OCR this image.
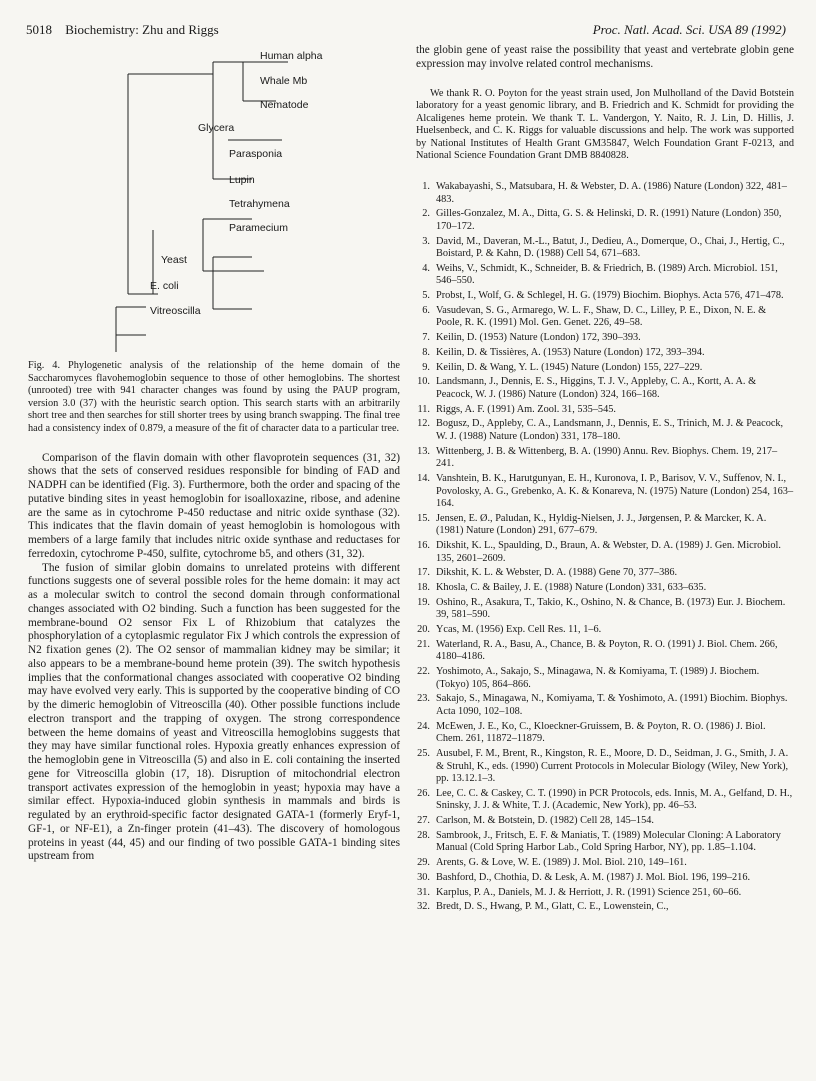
5018 Biochemistry: Zhu and Riggs	Proc. Natl. Acad. Sci. USA 89 (1992)
Human alpha
Whale Mb
Nematode
Glycera
Parasponia
Lupin
Tetrahymena
Paramecium
Yeast
E. coli
Vitreoscilla
Fig. 4. Phylogenetic analysis of the relationship of the heme domain of the Saccharomyces flavohemoglobin sequence to those of other hemoglobins. The shortest (unrooted) tree with 941 character changes was found by using the PAUP program, version 3.0 (37) with the heuristic search option. This search starts with an arbitrarily short tree and then searches for still shorter trees by using branch swapping. The final tree had a consistency index of 0.879, a measure of the fit of character data to a particular tree.

Comparison of the flavin domain with other flavoprotein sequences (31, 32) shows that the sets of conserved residues responsible for binding of FAD and NADPH can be identified (Fig. 3). Furthermore, both the order and spacing of the putative binding sites in yeast hemoglobin for isoalloxazine, ribose, and adenine are the same as in cytochrome P-450 reductase and nitric oxide synthase (32). This indicates that the flavin domain of yeast hemoglobin is homologous with members of a large family that includes nitric oxide synthase and reductases for ferredoxin, cytochrome P-450, sulfite, cytochrome b5, and others (31, 32).

The fusion of similar globin domains to unrelated proteins with different functions suggests one of several possible roles for the heme domain: it may act as a molecular switch to control the second domain through conformational changes associated with O2 binding. Such a function has been suggested for the membrane-bound O2 sensor Fix L of Rhizobium that catalyzes the phosphorylation of a cytoplasmic regulator Fix J which controls the expression of N2 fixation genes (2). The O2 sensor of mammalian kidney may be similar; it also appears to be a membrane-bound heme protein (39). The switch hypothesis implies that the conformational changes associated with cooperative O2 binding may have evolved very early. This is supported by the cooperative binding of CO by the dimeric hemoglobin of Vitreoscilla (40). Other possible functions include electron transport and the trapping of oxygen. The strong correspondence between the heme domains of yeast and Vitreoscilla hemoglobins suggests that they may have similar functional roles. Hypoxia greatly enhances expression of the hemoglobin gene in Vitreoscilla (5) and also in E. coli containing the inserted gene for Vitreoscilla globin (17, 18). Disruption of mitochondrial electron transport activates expression of the hemoglobin in yeast; hypoxia may have a similar effect. Hypoxia-induced globin synthesis in mammals and birds is regulated by an erythroid-specific factor designated GATA-1 (formerly Eryf-1, GF-1, or NF-E1), a Zn-finger protein (41–43). The discovery of homologous proteins in yeast (44, 45) and our finding of two possible GATA-1 binding sites upstream from

the globin gene of yeast raise the possibility that yeast and vertebrate globin gene expression may involve related control mechanisms.

We thank R. O. Poyton for the yeast strain used, Jon Mulholland of the David Botstein laboratory for a yeast genomic library, and B. Friedrich and K. Schmidt for providing the Alcaligenes heme protein. We thank T. L. Vandergon, Y. Naito, R. J. Lin, D. Hillis, J. Huelsenbeck, and C. K. Riggs for valuable discussions and help. The work was supported by National Institutes of Health Grant GM35847, Welch Foundation Grant F-0213, and National Science Foundation Grant DMB 8840828.
1. Wakabayashi, S., Matsubara, H. & Webster, D. A. (1986) Nature (London) 322, 481–483.
2. Gilles-Gonzalez, M. A., Ditta, G. S. & Helinski, D. R. (1991) Nature (London) 350, 170–172.
3. David, M., Daveran, M.-L., Batut, J., Dedieu, A., Domerque, O., Chai, J., Hertig, C., Boistard, P. & Kahn, D. (1988) Cell 54, 671–683.
4. Weihs, V., Schmidt, K., Schneider, B. & Friedrich, B. (1989) Arch. Microbiol. 151, 546–550.
5. Probst, I., Wolf, G. & Schlegel, H. G. (1979) Biochim. Biophys. Acta 576, 471–478.
6. Vasudevan, S. G., Armarego, W. L. F., Shaw, D. C., Lilley, P. E., Dixon, N. E. & Poole, R. K. (1991) Mol. Gen. Genet. 226, 49–58.
7. Keilin, D. (1953) Nature (London) 172, 390–393.
8. Keilin, D. & Tissières, A. (1953) Nature (London) 172, 393–394.
9. Keilin, D. & Wang, Y. L. (1945) Nature (London) 155, 227–229.
10. Landsmann, J., Dennis, E. S., Higgins, T. J. V., Appleby, C. A., Kortt, A. A. & Peacock, W. J. (1986) Nature (London) 324, 166–168.
11. Riggs, A. F. (1991) Am. Zool. 31, 535–545.
12. Bogusz, D., Appleby, C. A., Landsmann, J., Dennis, E. S., Trinich, M. J. & Peacock, W. J. (1988) Nature (London) 331, 178–180.
13. Wittenberg, J. B. & Wittenberg, B. A. (1990) Annu. Rev. Biophys. Chem. 19, 217–241.
14. Vanshtein, B. K., Harutgunyan, E. H., Kuronova, I. P., Barisov, V. V., Suffenov, N. I., Povolosky, A. G., Grebenko, A. K. & Konareva, N. (1975) Nature (London) 254, 163–164.
15. Jensen, E. Ø., Paludan, K., Hyldig-Nielsen, J. J., Jørgensen, P. & Marcker, K. A. (1981) Nature (London) 291, 677–679.
16. Dikshit, K. L., Spaulding, D., Braun, A. & Webster, D. A. (1989) J. Gen. Microbiol. 135, 2601–2609.
17. Dikshit, K. L. & Webster, D. A. (1988) Gene 70, 377–386.
18. Khosla, C. & Bailey, J. E. (1988) Nature (London) 331, 633–635.
19. Oshino, R., Asakura, T., Takio, K., Oshino, N. & Chance, B. (1973) Eur. J. Biochem. 39, 581–590.
20. Ycas, M. (1956) Exp. Cell Res. 11, 1–6.
21. Waterland, R. A., Basu, A., Chance, B. & Poyton, R. O. (1991) J. Biol. Chem. 266, 4180–4186.
22. Yoshimoto, A., Sakajo, S., Minagawa, N. & Komiyama, T. (1989) J. Biochem. (Tokyo) 105, 864–866.
23. Sakajo, S., Minagawa, N., Komiyama, T. & Yoshimoto, A. (1991) Biochim. Biophys. Acta 1090, 102–108.
24. McEwen, J. E., Ko, C., Kloeckner-Gruissem, B. & Poyton, R. O. (1986) J. Biol. Chem. 261, 11872–11879.
25. Ausubel, F. M., Brent, R., Kingston, R. E., Moore, D. D., Seidman, J. G., Smith, J. A. & Struhl, K., eds. (1990) Current Protocols in Molecular Biology (Wiley, New York), pp. 13.12.1–3.
26. Lee, C. C. & Caskey, C. T. (1990) in PCR Protocols, eds. Innis, M. A., Gelfand, D. H., Sninsky, J. J. & White, T. J. (Academic, New York), pp. 46–53.
27. Carlson, M. & Botstein, D. (1982) Cell 28, 145–154.
28. Sambrook, J., Fritsch, E. F. & Maniatis, T. (1989) Molecular Cloning: A Laboratory Manual (Cold Spring Harbor Lab., Cold Spring Harbor, NY), pp. 1.85–1.104.
29. Arents, G. & Love, W. E. (1989) J. Mol. Biol. 210, 149–161.
30. Bashford, D., Chothia, D. & Lesk, A. M. (1987) J. Mol. Biol. 196, 199–216.
31. Karplus, P. A., Daniels, M. J. & Herriott, J. R. (1991) Science 251, 60–66.
32. Bredt, D. S., Hwang, P. M., Glatt, C. E., Lowenstein, C.,
